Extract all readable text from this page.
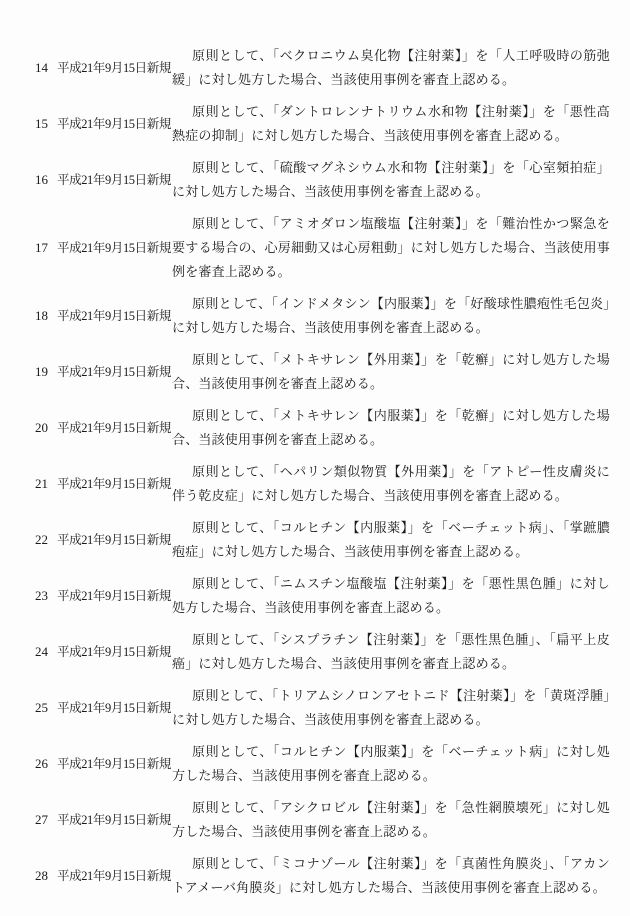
14 平成21年9月15日新規
原則として、「ベクロニウム臭化物【注射薬】」を「人工呼吸時の筋弛緩」に対し処方した場合、当該使用事例を審査上認める。
15 平成21年9月15日新規
原則として、「ダントロレンナトリウム水和物【注射薬】」を「悪性高熱症の抑制」に対し処方した場合、当該使用事例を審査上認める。
16 平成21年9月15日新規
原則として、「硫酸マグネシウム水和物【注射薬】」を「心室頻拍症」に対し処方した場合、当該使用事例を審査上認める。
17 平成21年9月15日新規
原則として、「アミオダロン塩酸塩【注射薬】」を「難治性かつ緊急を要する場合の、心房細動又は心房粗動」に対し処方した場合、当該使用事例を審査上認める。
18 平成21年9月15日新規
原則として、「インドメタシン【内服薬】」を「好酸球性膿疱性毛包炎」に対し処方した場合、当該使用事例を審査上認める。
19 平成21年9月15日新規
原則として、「メトキサレン【外用薬】」を「乾癬」に対し処方した場合、当該使用事例を審査上認める。
20 平成21年9月15日新規
原則として、「メトキサレン【内服薬】」を「乾癬」に対し処方した場合、当該使用事例を審査上認める。
21 平成21年9月15日新規
原則として、「ヘパリン類似物質【外用薬】」を「アトピー性皮膚炎に伴う乾皮症」に対し処方した場合、当該使用事例を審査上認める。
22 平成21年9月15日新規
原則として、「コルヒチン【内服薬】」を「ベーチェット病」、「掌蹠膿疱症」に対し処方した場合、当該使用事例を審査上認める。
23 平成21年9月15日新規
原則として、「ニムスチン塩酸塩【注射薬】」を「悪性黒色腫」に対し処方した場合、当該使用事例を審査上認める。
24 平成21年9月15日新規
原則として、「シスプラチン【注射薬】」を「悪性黒色腫」、「扁平上皮癌」に対し処方した場合、当該使用事例を審査上認める。
25 平成21年9月15日新規
原則として、「トリアムシノロンアセトニド【注射薬】」を「黄斑浮腫」に対し処方した場合、当該使用事例を審査上認める。
26 平成21年9月15日新規
原則として、「コルヒチン【内服薬】」を「ベーチェット病」に対し処方した場合、当該使用事例を審査上認める。
27 平成21年9月15日新規
原則として、「アシクロビル【注射薬】」を「急性網膜壊死」に対し処方した場合、当該使用事例を審査上認める。
28 平成21年9月15日新規
原則として、「ミコナゾール【注射薬】」を「真菌性角膜炎」、「アカントアメーバ角膜炎」に対し処方した場合、当該使用事例を審査上認める。
